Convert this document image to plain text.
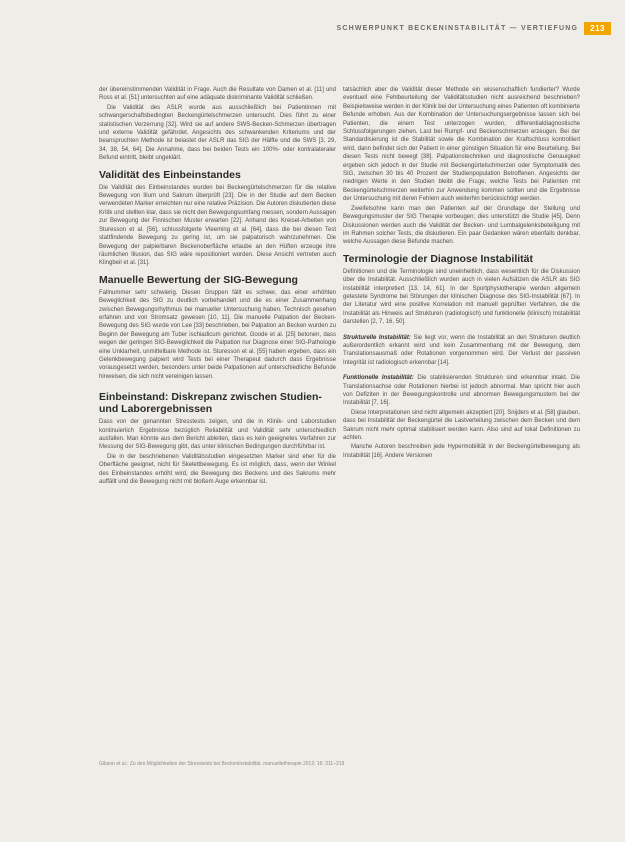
SCHWERPUNKT BECKENINSTABILITÄT — VERTIEFUNG	213

der übereinstimmenden Validität in Frage. Auch die Resultate von Damen et al. [11] und Ross et al. [51] untersuchten auf eine adäquate diskriminante Validität schließen.

Die Validität des ASLR wurde aus ausschließlich bei Patientinnen mit schwangerschaftsbedingten Beckengürtelschmerzen untersucht. Dies führt zu einer statistischen Verzerrung [32]. Wird sie auf andere SWS-Becken-Schmerzen übertragen und externe Validität gefährdet. Angesichts des schwankenden Kriteriums und der beanspruchten Methode ist belastet der ASLR das SIG der Hälfte und die SWS [3, 29, 34, 38, 54, 64]. Die Annahme, dass bei beiden Tests ein 100%- oder kontralateraler Befund eintritt, bleibt ungeklärt.

Validität des Einbeinstandes

Die Validität des Einbeinstandes wurden bei Beckengürtelschmerzen für die relative Bewegung von Ilium und Sakrum überprüft [23]. Die in der Studie auf dem Becken verwendeten Marker erreichten nur eine relative Präzision. Die Autoren diskutierten diese Kritik und stellten klar, dass sie nicht den Bewegungsumfang messen, sondern Aussagen zur Bewegung der Finnischen Muster erwarten [22]. Anhand des Kreisel-Arbeiten von Sturesson et al. [56], schlussfolgerte Vleeming et al. [64], dass die bei diesen Test stattfindende Bewegung zu gering ist, um sie palpatorisch wahrzunehmen. Die Bewegung der palpierbaren Beckenoberfläche erlaube an den Hüften erzeuge ihre räumlichen Illusion, das SIG wäre repositioniert worden. Diese Ansicht vertreten auch Klingbeil et al. [31].

Manuelle Bewertung der SIG-Bewegung

Fallnummer sehr schwierig. Diesen Gruppen fällt es schwer, das einer erhöhten Beweglichkeit des SIG zu deutlich vorbehandelt und die es einer Zusammenhang zwischen Bewegungsrhythmus bei manueller Untersuchung haben. Technisch gesehen erfahren und von Stromsatz gewesen [10, 11]. Die manuelle Palpation der Becken-Bewegung des SIG wurde von Lee [33] beschrieben, bei Palpation an Becken wurden zu Beginn der Bewegung am Tuber ischiadicum gerichtet. Goode et al. [25] betonen, dass wegen der geringen SIG-Beweglichkeit die Palpation nur Diagnose einer SIG-Pathologie eine Unklarheit, unmittelbare Methode ist. Sturesson et al. [55] haben ergeben, dass ein Gelenkbewegung palpiert wird Tests bei einer Therapeut dadurch dass Ergebnisse vorausgesetzt werden, besonders unter beide Palpationen auf unterschiedliche Befunde hinweisen, die sich nicht vereinigen lassen.

Einbeinstand: Diskrepanz zwischen Studien- und Laborergebnissen

Dass von der genannten Stresstests zeigen, und die in Klinik- und Laborstudien kontinuierlich Ergebnisse bezüglich Reliabilität und Validität sehr unterschiedlich ausfallen. Man könnte aus dem Bericht ableiten, dass es kein geeignetes Verfahren zur Messung der SIG-Bewegung gibt, das unter klinischen Bedingungen durchführbar ist.

Die in der beschriebenen Validitätsstudien eingesetzten Marker sind eher für die Oberfläche geeignet, nicht für Skelettbewegung. Es ist möglich, dass, wenn der Winkel des Einbeinstandes erhöht wird, die Bewegung des Beckens und des Sakrums mehr auffällt und die Bewegung nicht mit bloßem Auge erkennbar ist.

tatsächlich aber die Validität dieser Methode ein wissenschaftlich fundierter? Wurde eventuell eine Fehlbeurteilung der Validitätsstudien nicht ausreichend beschrieben? Beispielsweise werden in der Klinik bei der Untersuchung eines Patienten oft kombinierte Befunde erhoben. Aus der Kombination der Untersuchungsergebnisse lassen sich bei Patienten, die einem Test unterzogen wurden, differentialdiagnostische Schlussfolgerungen ziehen. Last bei Rumpf- und Beckenschmerzen erzeugen. Bei der Standardisierung ist die Stabilität sowie die Kombination der Kraftschluss kontrolliert wird, dann befindet sich der Patient in einer günstigen Situation für eine Beurteilung. Bei diesen Tests nicht bewegt [38]. Palpationstechniken und diagnostische Genauigkeit ergeben sich jedoch in der Studie mit Beckengürtelschmerzen oder Symptomatik des SIG, zwischen 30 bis 40 Prozent der Studienpopulation Betroffenen. Angesichts der niedrigen Werte in den Studien bleibt die Frage, welche Tests bei Patienten mit Beckengürtelschmerzen weiterhin zur Anwendung kommen sollten und die Ergebnisse der Untersuchung mit deren Fehlern auch weiterhin berücksichtigt werden.

Zweifelsohne kann man den Patienten auf der Grundlage der Stellung und Bewegungsmuster der SIG Therapie vorbeugen; dies unterstützt die Studie [45]. Denn Diskussionen werden auch die Validität der Becken- und Lumbalgelenksbeteiligung mit im Rahmen solcher Tests, die diskutieren. Ein paar Gedanken wären ebenfalls denkbar, welche Aussagen diese Befunde machen.

Terminologie der Diagnose Instabilität

Definitionen und die Terminologie sind uneinheitlich, dass wesentlich für die Diskussion über die Instabilität. Ausschließlich wurden auch in vielen Aufsätzen die ASLR als SIG instabilität interpretiert [13, 14, 61]. In der Sportphysiotherapie werden allgemein getestete Syndrome bei Störungen der klinischen Diagnose des SIG-Instabilität [67]. In der Literatur wird eine positive Korrelation mit manuell geprüften Verfahren, die die Instabilität als Hinweis auf Strukturen (radiologisch) und funktionelle (klinisch) Instabilität darstellen [2, 7, 16, 50].

Strukturelle Instabilität: Sie liegt vor, wenn die Instabilität an den Strukturen deutlich außerordentlich erkannt wird und kein Zusammenhang mit der Bewegung, dem Translationsausmaß oder Rotationen vorgenommen wird. Der Verlust der passiven Integrität ist radiologisch erkennbar [14].

Funktionelle Instabilität: Die stabilisierenden Strukturen sind erkennbar intakt. Die Translationsachse oder Rotationen hierbei ist jedoch abnormal. Man spricht hier auch von Defiziten in der Bewegungskontrolle und abnormen Bewegungsmustern bei der Instabilität [7, 16].

Diese Interpretationen sind nicht allgemein akzeptiert [20]. Snijders et al. [58] glauben, dass bei Instabilität der Beckengürtel die Lastverteilung zwischen dem Becken und dem Sakrum nicht mehr optimal stabilisiert werden kann. Also sind auf lokal Definitionen zu achten.

Manche Autoren beschreiben jede Hypermobilität in der Beckengürtelbewegung als Instabilität [16]. Andere Versionen

Gibson et al.: Zu den Möglichkeiten der Stresstests bei Beckeninstabilität. manuelletherapie 2012; 16: 211–219
